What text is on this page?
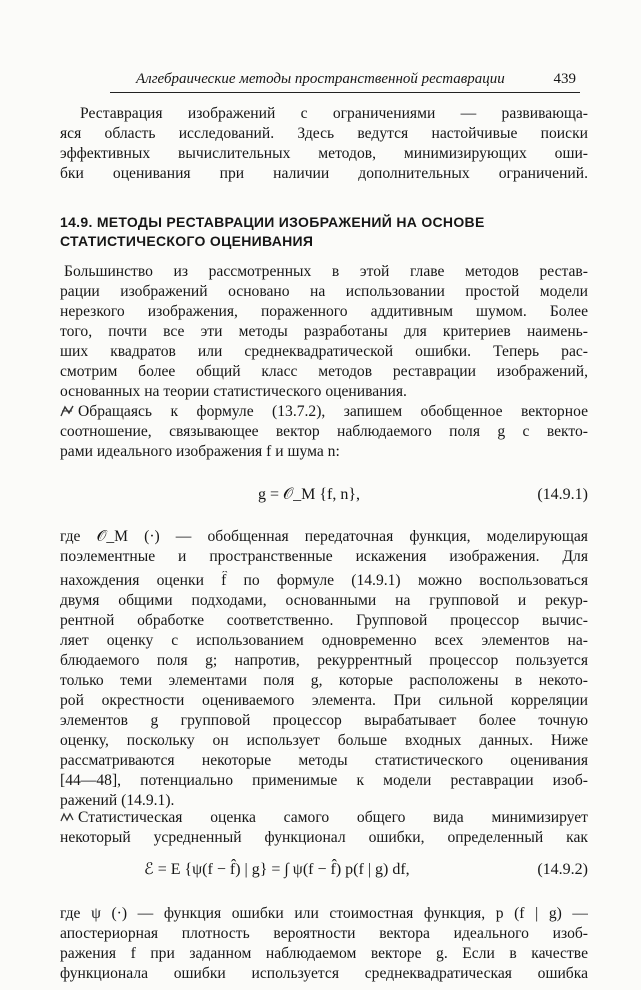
Алгебраические методы пространственной реставрации	439
Реставрация изображений с ограничениями — развивающа-
яся область исследований. Здесь ведутся настойчивые поиски
эффективных вычислительных методов, минимизирующих оши-
бки оценивания при наличии дополнительных ограничений.
14.9. МЕТОДЫ РЕСТАВРАЦИИ ИЗОБРАЖЕНИЙ НА ОСНОВЕ
СТАТИСТИЧЕСКОГО ОЦЕНИВАНИЯ
Большинство из рассмотренных в этой главе методов рестав-
рации изображений основано на использовании простой модели
нерезкого изображения, пораженного аддитивным шумом. Более
того, почти все эти методы разработаны для критериев наимень-
ших квадратов или среднеквадратической ошибки. Теперь рас-
смотрим более общий класс методов реставрации изображений,
основанных на теории статистического оценивания.
Обращаясь к формуле (13.7.2), запишем обобщенное векторное
соотношение, связывающее вектор наблюдаемого поля g с векто-
рами идеального изображения f и шума n:
g = 𝒪_M {f, n},	(14.9.1)
где 𝒪_M (·) — обобщенная передаточная функция, моделирующая
поэлементные и пространственные искажения изображения. Для
нахождения оценки f̂ по формуле (14.9.1) можно воспользоваться
двумя общими подходами, основанными на групповой и рекур-
рентной обработке соответственно. Групповой процессор вычис-
ляет оценку с использованием одновременно всех элементов на-
блюдаемого поля g; напротив, рекуррентный процессор пользуется
только теми элементами поля g, которые расположены в некото-
рой окрестности оцениваемого элемента. При сильной корреляции
элементов g групповой процессор вырабатывает более точную
оценку, поскольку он использует больше входных данных. Ниже
рассматриваются некоторые методы статистического оценивания
[44—48], потенциально применимые к модели реставрации изоб-
ражений (14.9.1).
Статистическая оценка самого общего вида минимизирует
некоторый усредненный функционал ошибки, определенный как
ℰ = E {ψ(f − f̂) | g} = ∫ ψ(f − f̂) p(f | g) df,	(14.9.2)
где ψ (·) — функция ошибки или стоимостная функция, p (f | g) —
апостериорная плотность вероятности вектора идеального изоб-
ражения f при заданном наблюдаемом векторе g. Если в качестве
функционала ошибки используется среднеквадратическая ошибка
